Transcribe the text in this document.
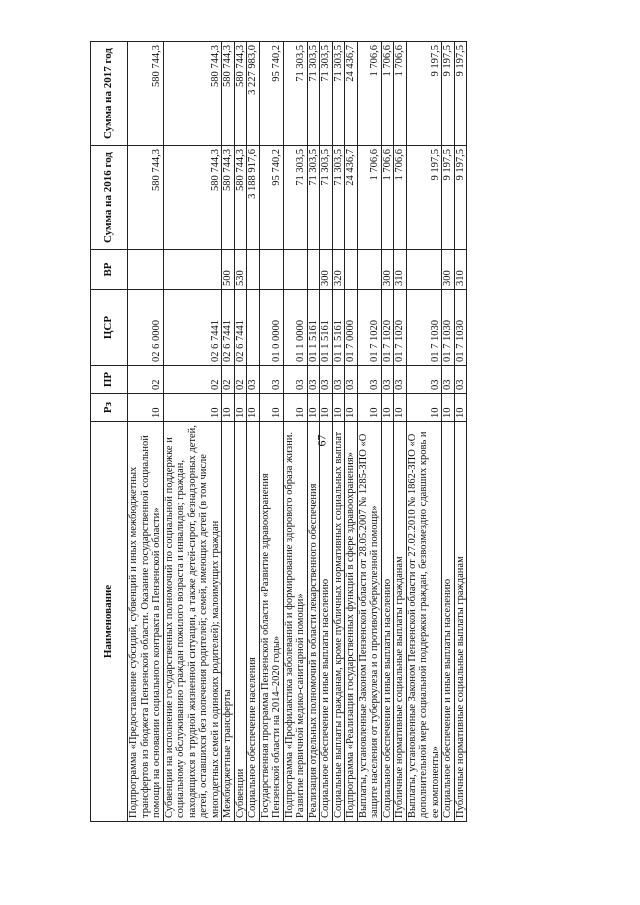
67
Наименование	Рз	ПР	ЦСР	ВР	Сумма на 2016 год	Сумма на 2017 год
Подпрограмма «Предоставление субсидий, субвенций и иных межбюджетных трансфертов из бюджета Пензенской области. Оказание государственной социальной помощи на основании социального контракта в Пензенской области»	10	02	02 6 0000		580 744,3	580 744,3
Субвенции на исполнение государственных полномочий по социальной поддержке и социальному обслуживанию граждан пожилого возраста и инвалидов; граждан, находящихся в трудной жизненной ситуации, а также детей-сирот, безнадзорных детей, детей, оставшихся без попечения родителей; семей, имеющих детей (в том числе многодетных семей и одиноких родителей); малоимущих граждан	10	02	02 6 7441		580 744,3	580 744,3
Межбюджетные трансферты	10	02	02 6 7441	500	580 744,3	580 744,3
Субвенции	10	02	02 6 7441	530	580 744,3	580 744,3
Социальное обеспечение населения	10	03			3 188 917,6	3 227 983,0
Государственная программа Пензенской области «Развитие здравоохранения Пензенской области на 2014–2020 годы»	10	03	01 0 0000		95 740,2	95 740,2
Подпрограмма «Профилактика заболеваний и формирование здорового образа жизни. Развитие первичной медико-санитарной помощи»	10	03	01 1 0000		71 303,5	71 303,5
Реализация отдельных полномочий в области лекарственного обеспечения	10	03	01 1 5161		71 303,5	71 303,5
Социальное обеспечение и иные выплаты населению	10	03	01 1 5161	300	71 303,5	71 303,5
Социальные выплаты гражданам, кроме публичных нормативных социальных выплат	10	03	01 1 5161	320	71 303,5	71 303,5
Подпрограмма «Реализация государственных функций в сфере здравоохранения»	10	03	01 7 0000		24 436,7	24 436,7
Выплаты, установленные Законом Пензенской области от 28.05.2007 № 1285-ЗПО «О защите населения от туберкулеза и о противотуберкулезной помощи»	10	03	01 7 1020		1 706,6	1 706,6
Социальное обеспечение и иные выплаты населению	10	03	01 7 1020	300	1 706,6	1 706,6
Публичные нормативные социальные выплаты гражданам	10	03	01 7 1020	310	1 706,6	1 706,6
Выплаты, установленные Законом Пензенской области от 27.02.2010 № 1862-ЗПО «О дополнительной мере социальной поддержки граждан, безвозмездно сдавших кровь и ее компоненты»	10	03	01 7 1030		9 197,5	9 197,5
Социальное обеспечение и иные выплаты населению	10	03	01 7 1030	300	9 197,5	9 197,5
Публичные нормативные социальные выплаты гражданам	10	03	01 7 1030	310	9 197,5	9 197,5
